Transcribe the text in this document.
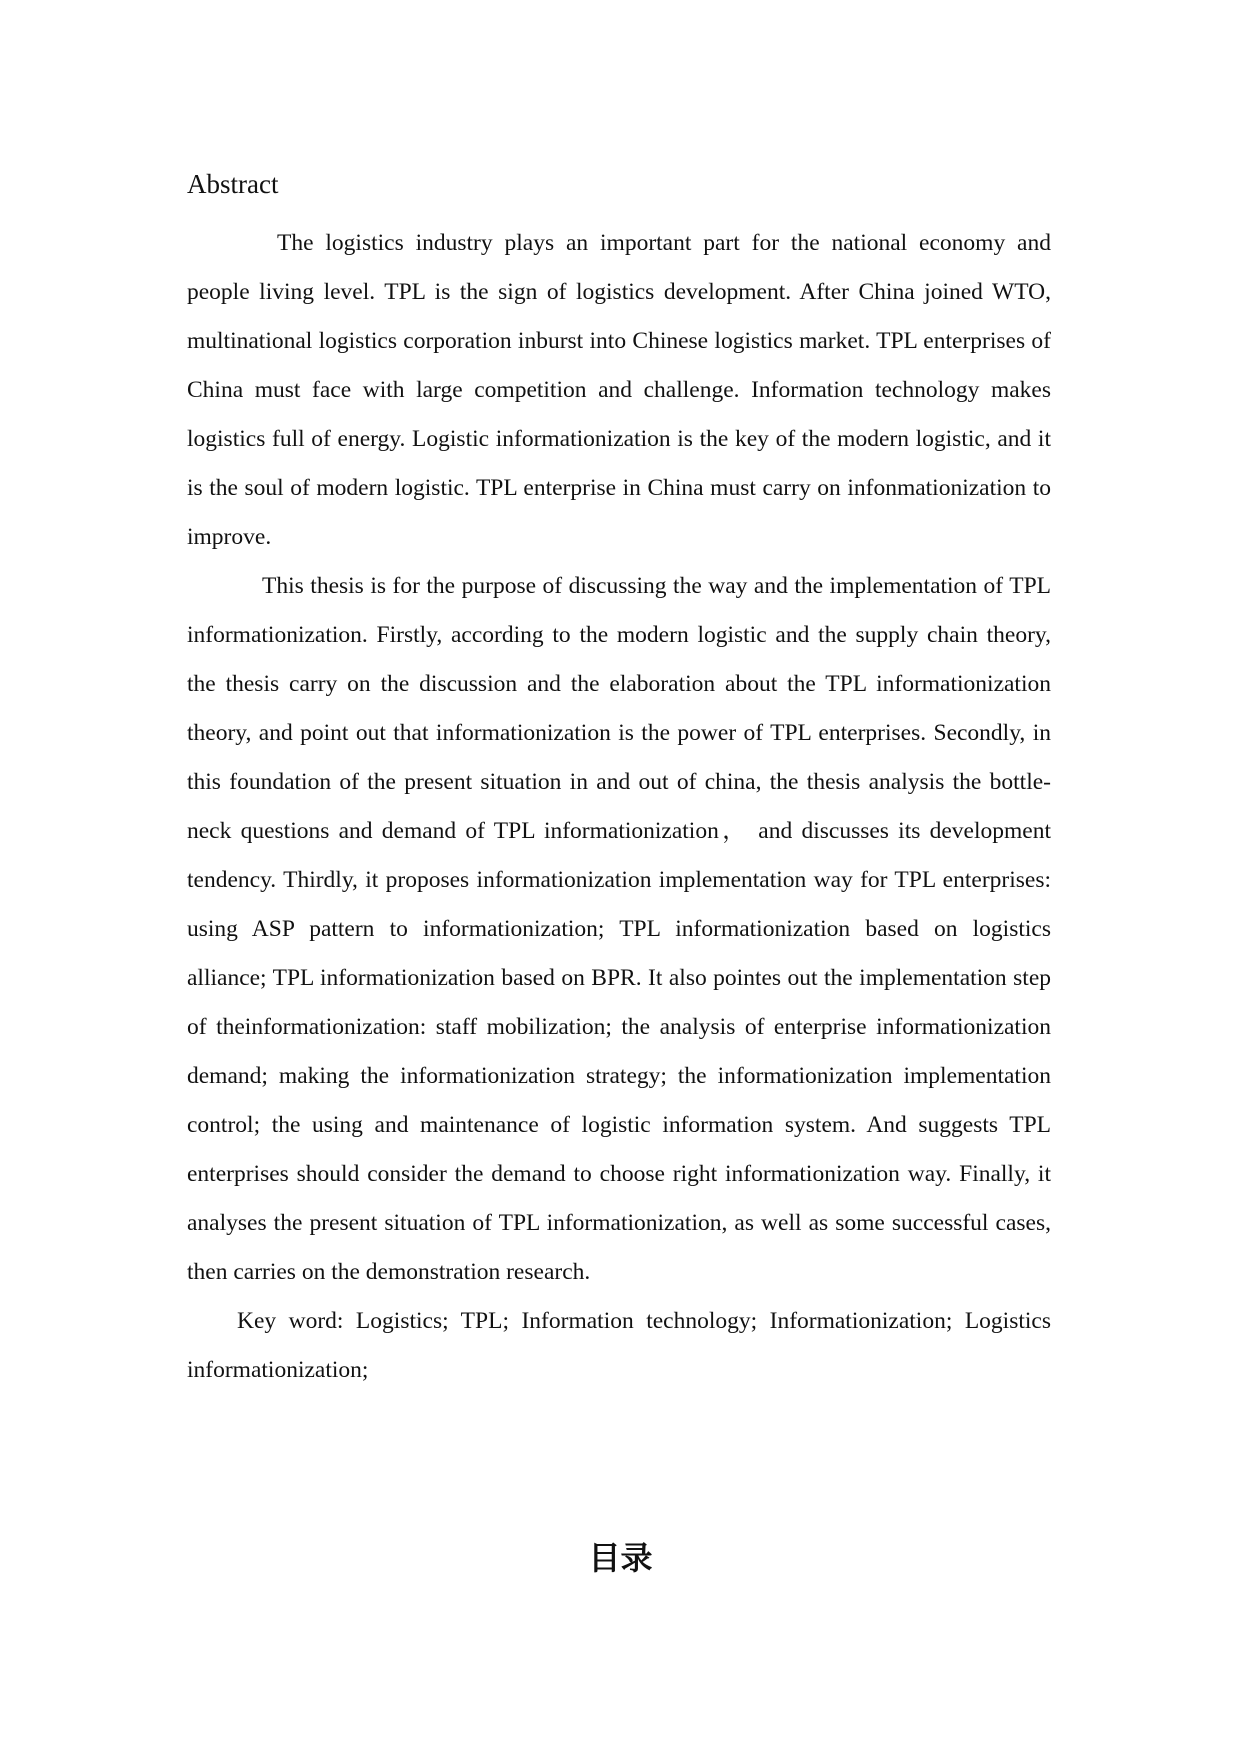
Abstract

The logistics industry plays an important part for the national economy and people living level. TPL is the sign of logistics development. After China joined WTO, multinational logistics corporation inburst into Chinese logistics market. TPL enterprises of China must face with large competition and challenge. Information technology makes logistics full of energy. Logistic informationization is the key of the modern logistic, and it is the soul of modern logistic. TPL enterprise in China must carry on infonmationization to improve.

This thesis is for the purpose of discussing the way and the implementation of TPL informationization. Firstly, according to the modern logistic and the supply chain theory, the thesis carry on the discussion and the elaboration about the TPL informationization theory, and point out that informationization is the power of TPL enterprises. Secondly, in this foundation of the present situation in and out of china, the thesis analysis the bottle-neck questions and demand of TPL informationization， and discusses its development tendency. Thirdly, it proposes informationization implementation way for TPL enterprises: using ASP pattern to informationization; TPL informationization based on logistics alliance; TPL informationization based on BPR. It also pointes out the implementation step of theinformationization: staff mobilization; the analysis of enterprise informationization demand; making the informationization strategy; the informationization implementation control; the using and maintenance of logistic information system. And suggests TPL enterprises should consider the demand to choose right informationization way. Finally, it analyses the present situation of TPL informationization, as well as some successful cases, then carries on the demonstration research.

Key word: Logistics; TPL; Information technology; Informationization; Logistics informationization;

目录
